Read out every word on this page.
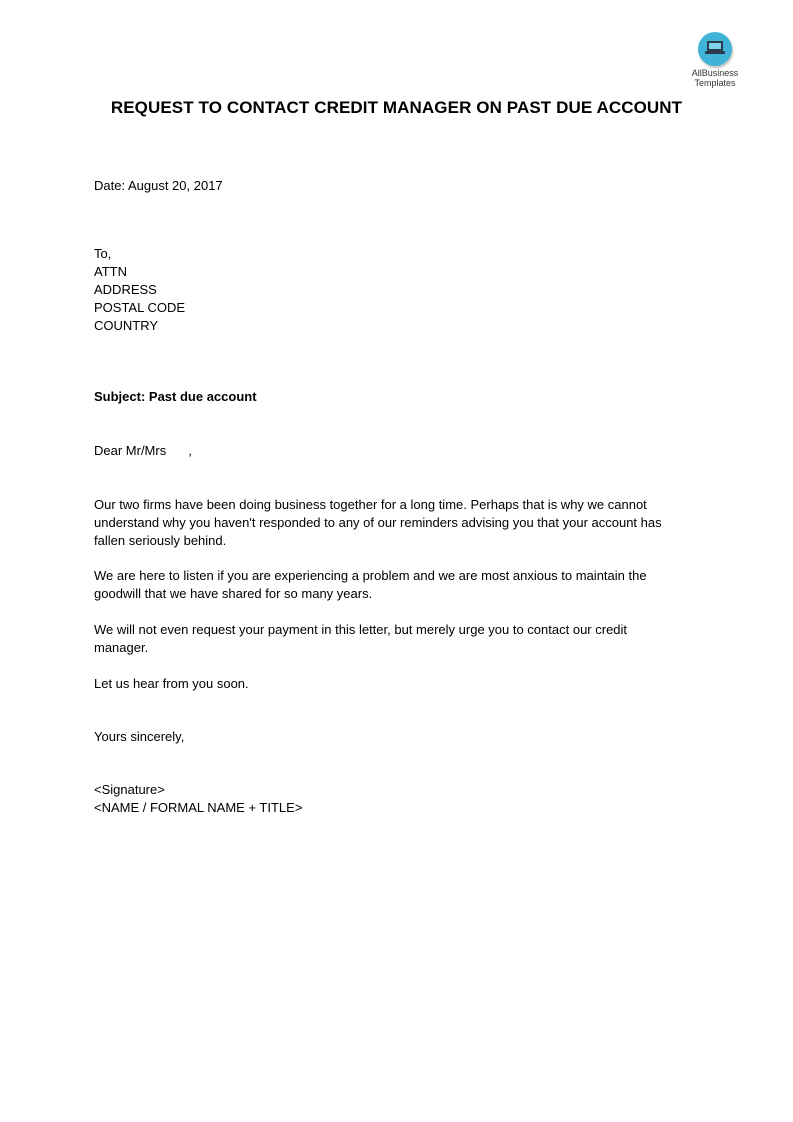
AllBusiness
Templates
REQUEST TO CONTACT CREDIT MANAGER ON PAST DUE ACCOUNT
Date: August 20, 2017
To,
ATTN
ADDRESS
POSTAL CODE
COUNTRY
Subject: Past due account
Dear Mr/Mrs ,
Our two firms have been doing business together for a long time. Perhaps that is why we cannot
understand why you haven't responded to any of our reminders advising you that your account has
fallen seriously behind.
We are here to listen if you are experiencing a problem and we are most anxious to maintain the
goodwill that we have shared for so many years.
We will not even request your payment in this letter, but merely urge you to contact our credit
manager.
Let us hear from you soon.
Yours sincerely,
<Signature>
<NAME / FORMAL NAME + TITLE>
